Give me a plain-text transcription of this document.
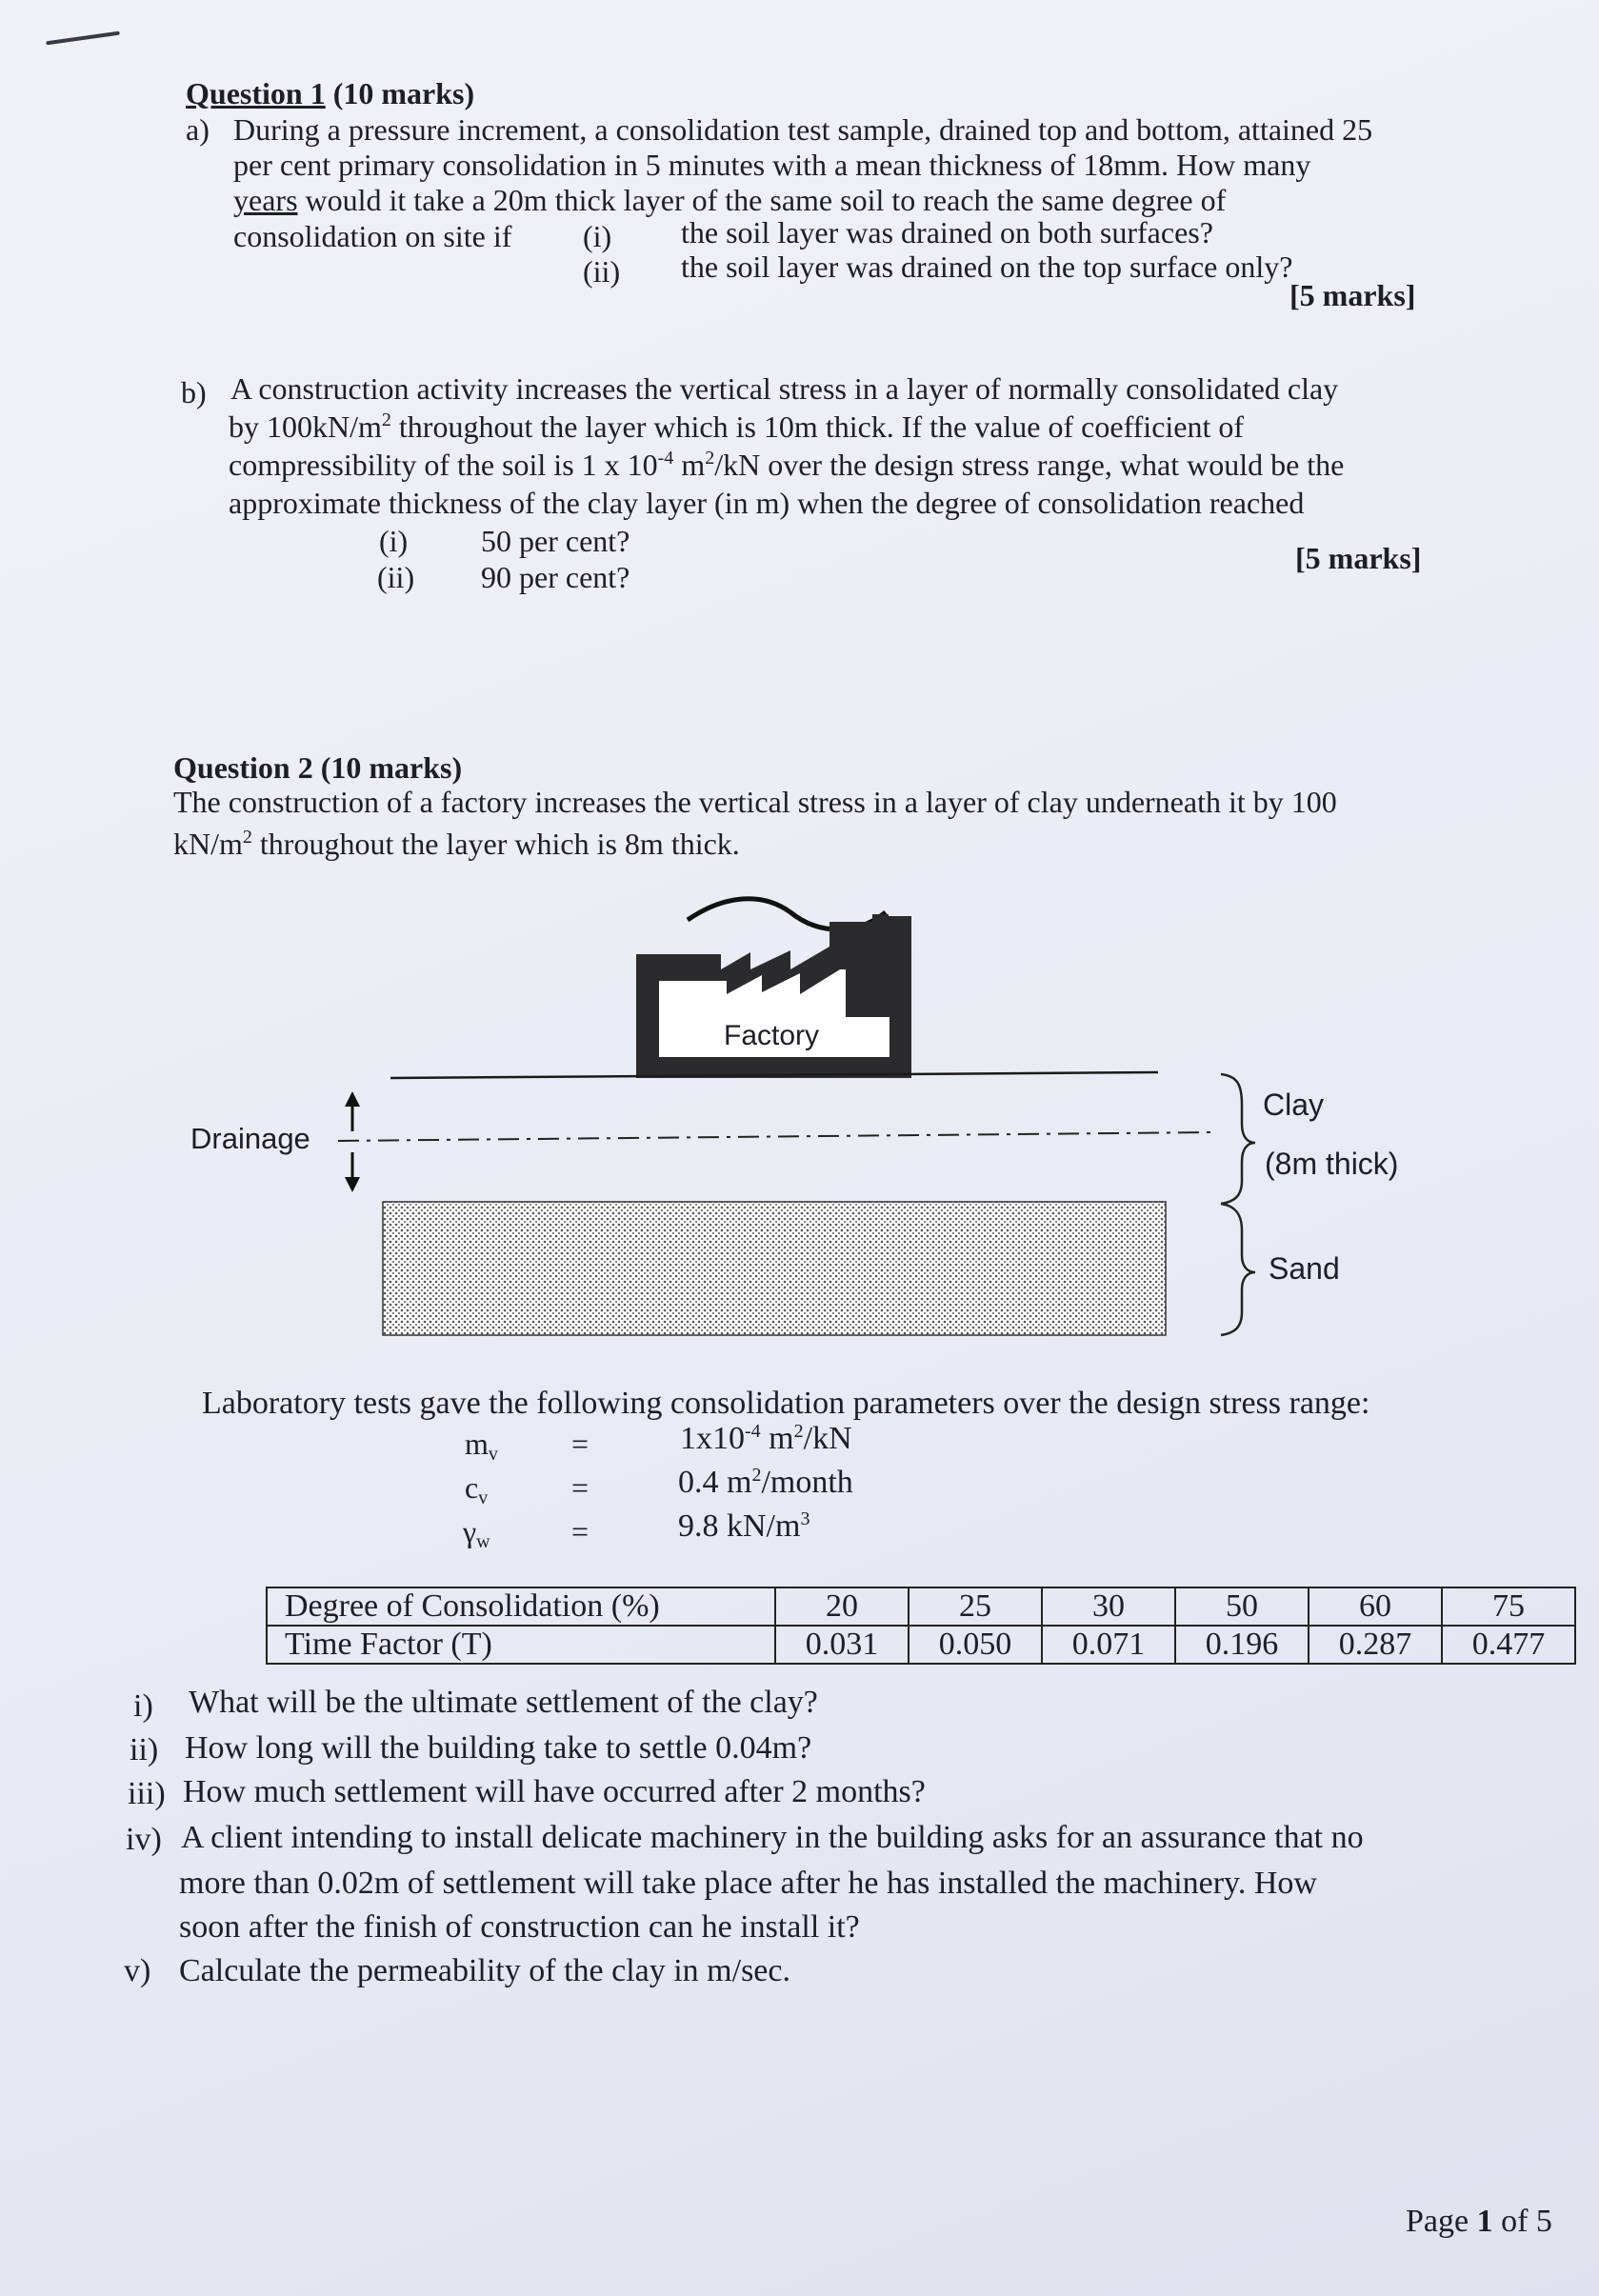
Question 1 (10 marks)
a) During a pressure increment, a consolidation test sample, drained top and bottom, attained 25
per cent primary consolidation in 5 minutes with a mean thickness of 18mm. How many
years would it take a 20m thick layer of the same soil to reach the same degree of
consolidation on site if (i) the soil layer was drained on both surfaces?
(ii) the soil layer was drained on the top surface only?
[5 marks]
b) A construction activity increases the vertical stress in a layer of normally consolidated clay
by $100kN/m^2$ throughout the layer which is 10m thick. If the value of coefficient of
compressibility of the soil is 1 x $10^{-4}$ $m^2/kN$ over the design stress range, what would be the
approximate thickness of the clay layer (in m) when the degree of consolidation reached
(i) 50 per cent?
(ii) 90 per cent?
[5 marks]
Question 2 (10 marks)
The construction of a factory increases the vertical stress in a layer of clay underneath it by 100
$kN/m^2$ throughout the layer which is 8m thick.
Factory
Drainage
Clay
(8m thick)
Sand
Laboratory tests gave the following consolidation parameters over the design stress range:
$m_v$ =	$1x10^{-4}$ $m^2/kN$
$c_v$	=	0.4 $m^2$/month
$\gamma_w$	=	9.8 $kN/m^3$
Degree of Consolidation (%)	20	25	30	50	60	75
Time Factor (T)	0.031	0.050	0.071	0.196	0.287	0.477
i) What will be the ultimate settlement of the clay?
ii) How long will the building take to settle 0.04m?
iii) How much settlement will have occurred after 2 months?
iv) A client intending to install delicate machinery in the building asks for an assurance that no
more than 0.02m of settlement will take place after he has installed the machinery. How
soon after the finish of construction can he install it?
v) Calculate the permeability of the clay in m/sec.
Page 1 of 5
